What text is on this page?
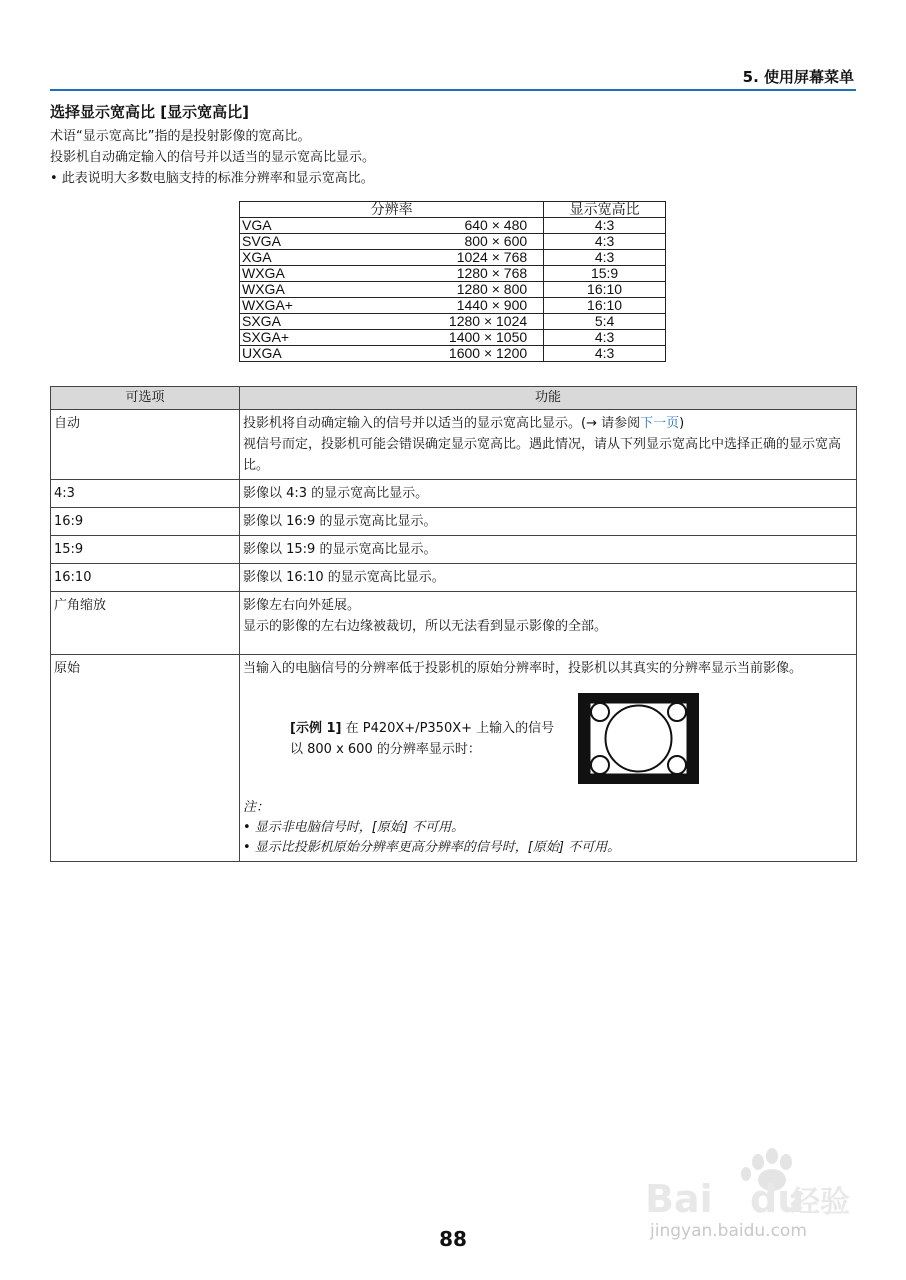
5. 使用屏幕菜单
选择显示宽高比 [显示宽高比]

术语“显示宽高比”指的是投射影像的宽高比。

投影机自动确定输入的信号并以适当的显示宽高比显示。

• 此表说明大多数电脑支持的标准分辨率和显示宽高比。

分辨率	显示宽高比

VGA 640 × 480	4:3

SVGA 800 × 600	4:3

XGA 1024 × 768	4:3

WXGA 1280 × 768	15:9

WXGA 1280 × 800	16:10

WXGA+ 1440 × 900	16:10

SXGA 1280 × 1024	5:4

SXGA+ 1400 × 1050	4:3

UXGA 1600 × 1200	4:3
可选项	功能
自动	投影机将自动确定输入的信号并以适当的显示宽高比显示。(→ 请参阅下一页)
视信号而定，投影机可能会错误确定显示宽高比。遇此情况，请从下列显示宽高比中选择正确的显示宽高比。
4:3	影像以 4:3 的显示宽高比显示。
16:9	影像以 16:9 的显示宽高比显示。
15:9	影像以 15:9 的显示宽高比显示。
16:10	影像以 16:10 的显示宽高比显示。
广角缩放	影像左右向外延展。
显示的影像的左右边缘被裁切，所以无法看到显示影像的全部。
原始	当输入的电脑信号的分辨率低于投影机的原始分辨率时，投影机以其真实的分辨率显示当前影像。
[示例 1] 在 P420X+/P350X+ 上输入的信号以 800 x 600 的分辨率显示时：
注：
• 显示非电脑信号时，[原始] 不可用。
• 显示比投影机原始分辨率更高分辨率的信号时，[原始] 不可用。
88
Bai	经验
du
jingyan.baidu.com
